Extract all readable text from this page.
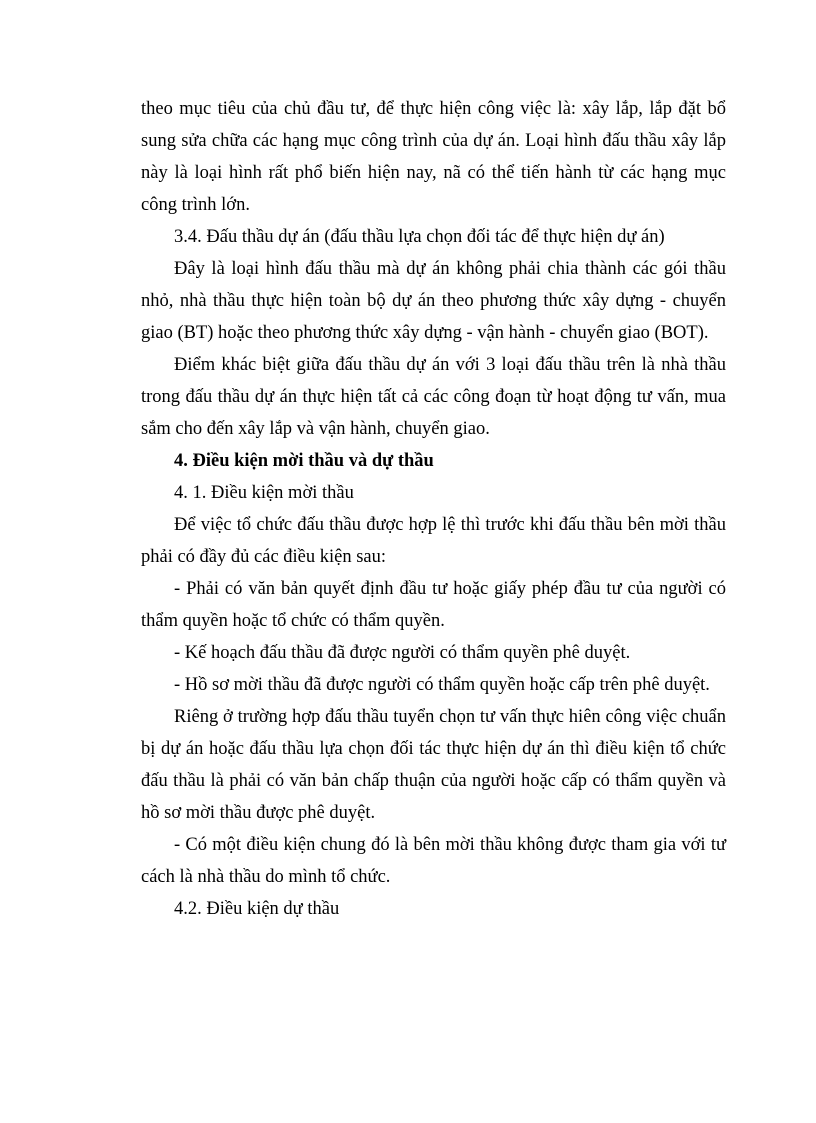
theo mục tiêu của chủ đầu tư, để thực hiện công việc là: xây lắp, lắp đặt bổ sung sửa chữa các hạng mục công trình của dự án. Loại hình đấu thầu xây lắp này là loại hình rất phổ biến hiện nay, nã có thể tiến hành từ các hạng mục công trình lớn.

3.4. Đấu thầu dự án (đấu thầu lựa chọn đối tác để thực hiện dự án)

Đây là loại hình đấu thầu mà dự án không phải chia thành các gói thầu nhỏ, nhà thầu thực hiện toàn bộ dự án theo phương thức xây dựng - chuyển giao (BT) hoặc theo phương thức xây dựng - vận hành - chuyển giao (BOT).

Điểm khác biệt giữa đấu thầu dự án với 3 loại đấu thầu trên là nhà thầu trong đấu thầu dự án thực hiện tất cả các công đoạn từ hoạt động tư vấn, mua sắm cho đến xây lắp và vận hành, chuyển giao.

4. Điều kiện mời thầu và dự thầu

4. 1. Điều kiện mời thầu

Để việc tổ chức đấu thầu được hợp lệ thì trước khi đấu thầu bên mời thầu phải có đầy đủ các điều kiện sau:

- Phải có văn bản quyết định đầu tư hoặc giấy phép đầu tư của người có thẩm quyền hoặc tổ chức có thẩm quyền.

- Kế hoạch đấu thầu đã được người có thẩm quyền phê duyệt.

- Hồ sơ mời thầu đã được người có thẩm quyền hoặc cấp trên phê duyệt.

Riêng ở trường hợp đấu thầu tuyển chọn tư vấn thực hiên công việc chuẩn bị dự án hoặc đấu thầu lựa chọn đối tác thực hiện dự án thì điều kiện tổ chức đấu thầu là phải có văn bản chấp thuận của người hoặc cấp có thẩm quyền và hồ sơ mời thầu được phê duyệt.

- Có một điều kiện chung đó là bên mời thầu không được tham gia với tư cách là nhà thầu do mình tổ chức.

4.2. Điều kiện dự thầu
